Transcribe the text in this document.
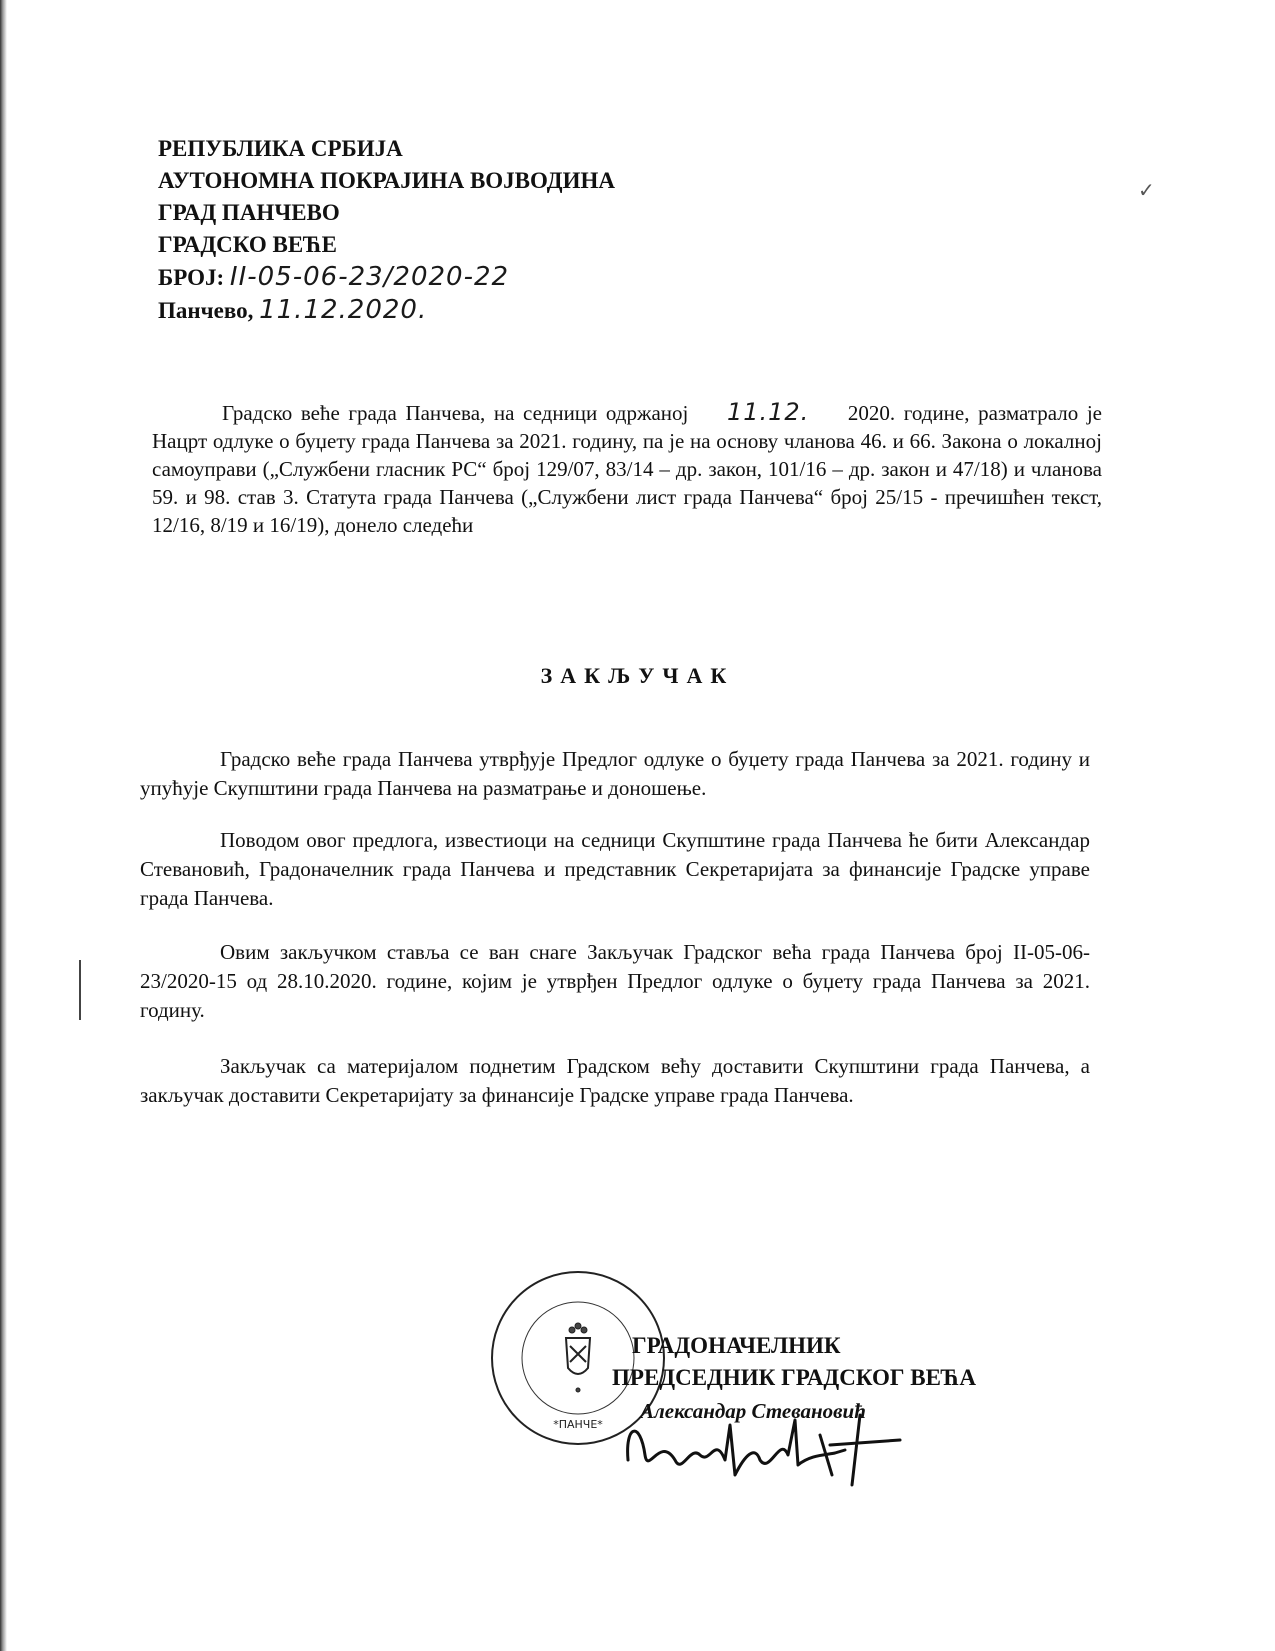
✓
РЕПУБЛИКА СРБИЈА
АУТОНОМНА ПОКРАЈИНА ВОЈВОДИНА
ГРАД ПАНЧЕВО
ГРАДСКО ВЕЋЕ
БРОЈ: II-05-06-23/2020-22
Панчево, 11.12.2020.
Градско веће града Панчева, на седници одржаној 11.12. 2020. године, разматрало је Нацрт одлуке о буџету града Панчева за 2021. годину, па је на основу чланова 46. и 66. Закона о локалној самоуправи („Службени гласник РС“ број 129/07, 83/14 – др. закон, 101/16 – др. закон и 47/18) и чланова 59. и 98. став 3. Статута града Панчева („Службени лист града Панчева“ број 25/15 - пречишћен текст, 12/16, 8/19 и 16/19), донело следећи
ЗАКЉУЧАК
Градско веће града Панчева утврђује Предлог одлуке о буџету града Панчева за 2021. годину и упућује Скупштини града Панчева на разматрање и доношење.
Поводом овог предлога, известиоци на седници Скупштине града Панчева ће бити Александар Стевановић, Градоначелник града Панчева и представник Секретаријата за финансије Градске управе града Панчева.
Овим закључком ставља се ван снаге Закључак Градског већа града Панчева број II-05-06-23/2020-15 од 28.10.2020. године, којим је утврђен Предлог одлуке о буџету града Панчева за 2021. годину.
Закључак са материјалом поднетим Градском већу доставити Скупштини града Панчева, а закључак доставити Секретаријату за финансије Градске управе града Панчева.
*ПАНЧЕ*
ГРАДОНАЧЕЛНИК
ПРЕДСЕДНИК ГРАДСКОГ ВЕЋА
Александар Стевановић
